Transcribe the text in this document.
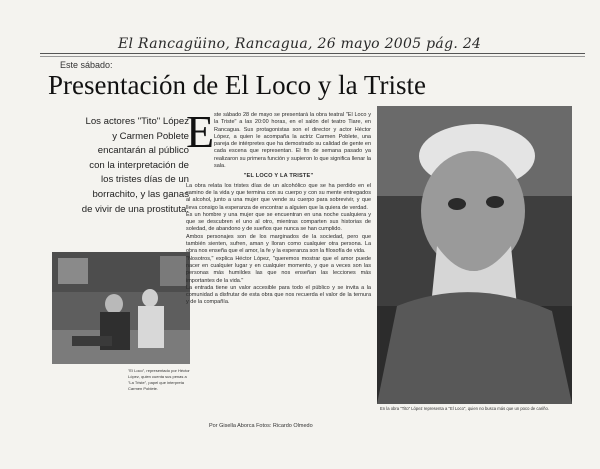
El Rancagüino, Rancagua, 26 mayo 2005 pág. 24
Este sábado:
Presentación de El Loco y la Triste
Los actores "Tito" López
y Carmen Poblete
encantarán al público
con la interpretación de
los tristes días de un
borrachito, y las ganas
de vivir de una prostituta.
"El Loco", representado por Héctor López, quien cuenta sus penas a "La Triste", papel que interpreta Carmen Poblete.
E ste sábado 28 de mayo se presentará la obra teatral "El Loco y la Triste" a las 20:00 horas, en el salón del teatro Tiare, en Rancagua. Sus protagonistas son el director y actor Héctor López, a quien le acompaña la actriz Carmen Poblete, una pareja de intérpretes que ha demostrado su calidad de gente en cada escena que representan. El fin de semana pasado ya realizaron su primera función y supieron lo que significa llenar la sala.

"EL LOCO Y LA TRISTE"

La obra relata los tristes días de un alcohólico que se ha perdido en el camino de la vida y que termina con su cuerpo y con su mente entregados al alcohol, junto a una mujer que vende su cuerpo para sobrevivir, y que lleva consigo la esperanza de encontrar a alguien que la quiera de verdad.

Es un hombre y una mujer que se encuentran en una noche cualquiera y que se descubren el uno al otro, mientras comparten sus historias de soledad, de abandono y de sueños que nunca se han cumplido.

Ambos personajes son de los marginados de la sociedad, pero que también sienten, sufren, aman y lloran como cualquier otra persona. La obra nos enseña que el amor, la fe y la esperanza son la filosofía de vida.

"Nosotros," explica Héctor López, "queremos mostrar que el amor puede nacer en cualquier lugar y en cualquier momento, y que a veces son las personas más humildes las que nos enseñan las lecciones más importantes de la vida."

La entrada tiene un valor accesible para todo el público y se invita a la comunidad a disfrutar de esta obra que nos recuerda el valor de la ternura y de la compañía.

Por Gisella Aborca Fotos: Ricardo Olmedo
En la obra "Tito" López representa a "El Loco", quien no busca más que un poco de cariño.
